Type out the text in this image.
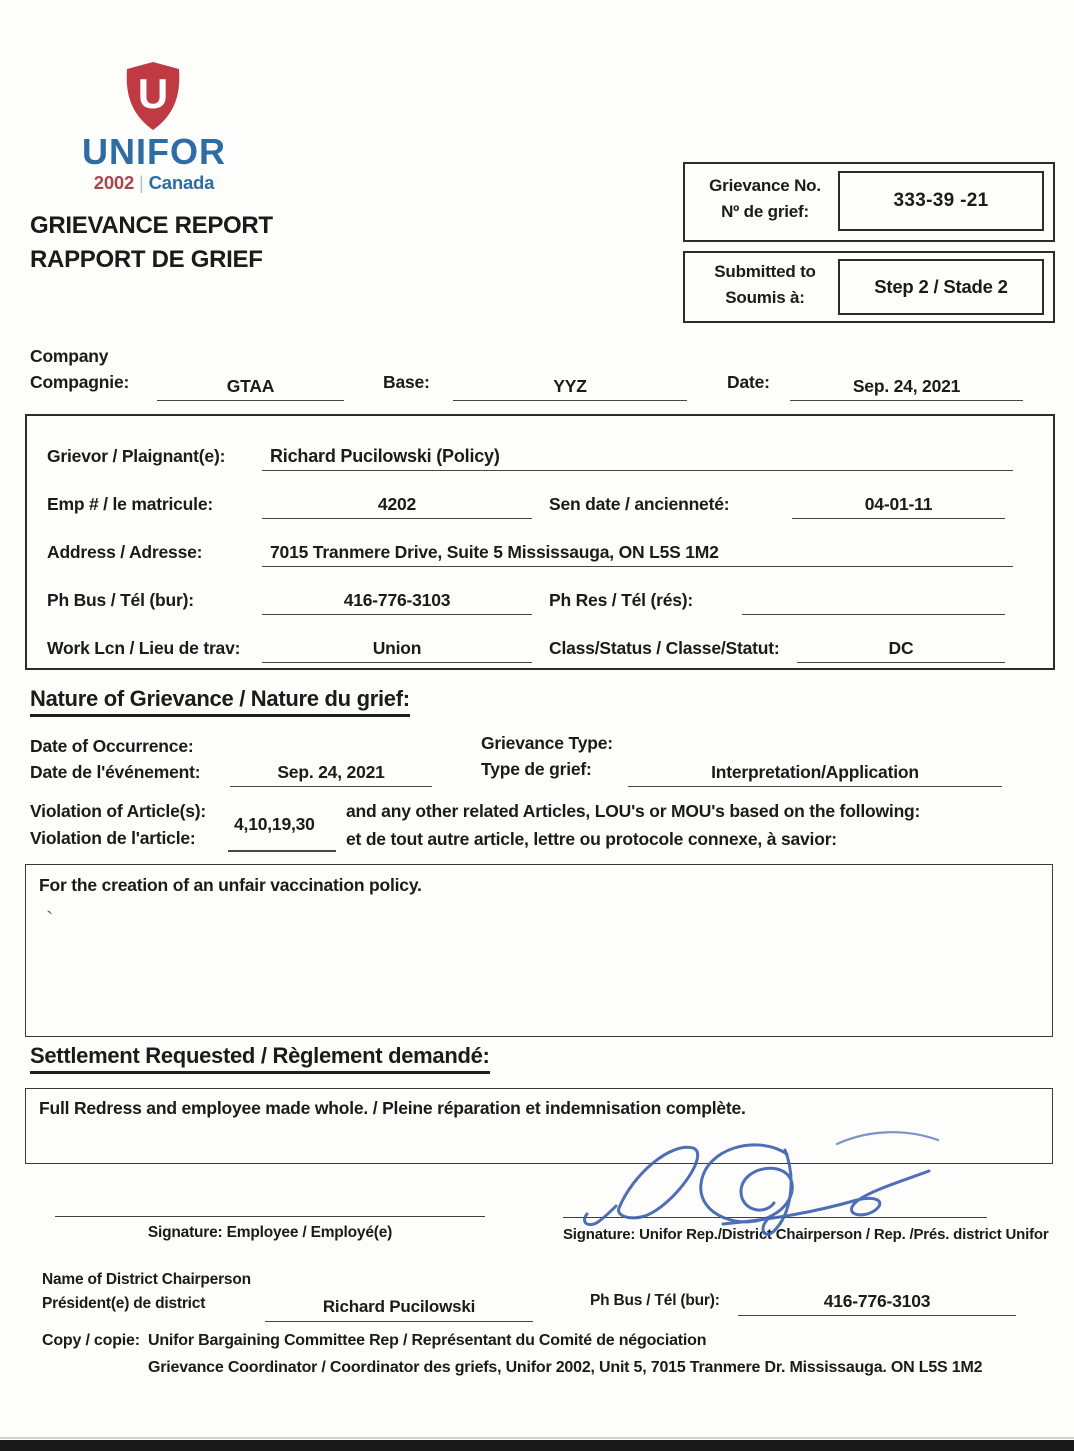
U
UNIFOR
2002 | Canada
GRIEVANCE REPORT
RAPPORT DE GRIEF
Grievance No.
Nº de grief:
333-39 -21
Submitted to
Soumis à:
Step 2 / Stade 2
Company
Compagnie:	GTAA	Base:	YYZ	Date:	Sep. 24, 2021
Grievor / Plaignant(e):	Richard Pucilowski (Policy)
Emp # / le matricule:	4202	Sen date / ancienneté:	04-01-11
Address / Adresse:	7015 Tranmere Drive, Suite 5 Mississauga, ON L5S 1M2
Ph Bus / Tél (bur):	416-776-3103	Ph Res / Tél (rés):
Work Lcn / Lieu de trav:	Union	Class/Status / Classe/Statut:	DC
Nature of Grievance / Nature du grief:
Date of Occurrence:
Date de l'événement:	Sep. 24, 2021
Grievance Type:
Type de grief:	Interpretation/Application
Violation of Article(s):
Violation de l'article:
4,10,19,30
and any other related Articles, LOU's or MOU's based on the following:
et de tout autre article, lettre ou protocole connexe, à savior:
For the creation of an unfair vaccination policy.
`
Settlement Requested / Règlement demandé:
Full Redress and employee made whole. / Pleine réparation et indemnisation complète.
Signature: Employee / Employé(e)	Signature: Unifor Rep./District Chairperson / Rep. /Prés. district Unifor
Name of District Chairperson
Président(e) de district	Richard Pucilowski	Ph Bus / Tél (bur):	416-776-3103
Copy / copie: Unifor Bargaining Committee Rep / Représentant du Comité de négociation
Grievance Coordinator / Coordinator des griefs, Unifor 2002, Unit 5, 7015 Tranmere Dr. Mississauga. ON L5S 1M2
